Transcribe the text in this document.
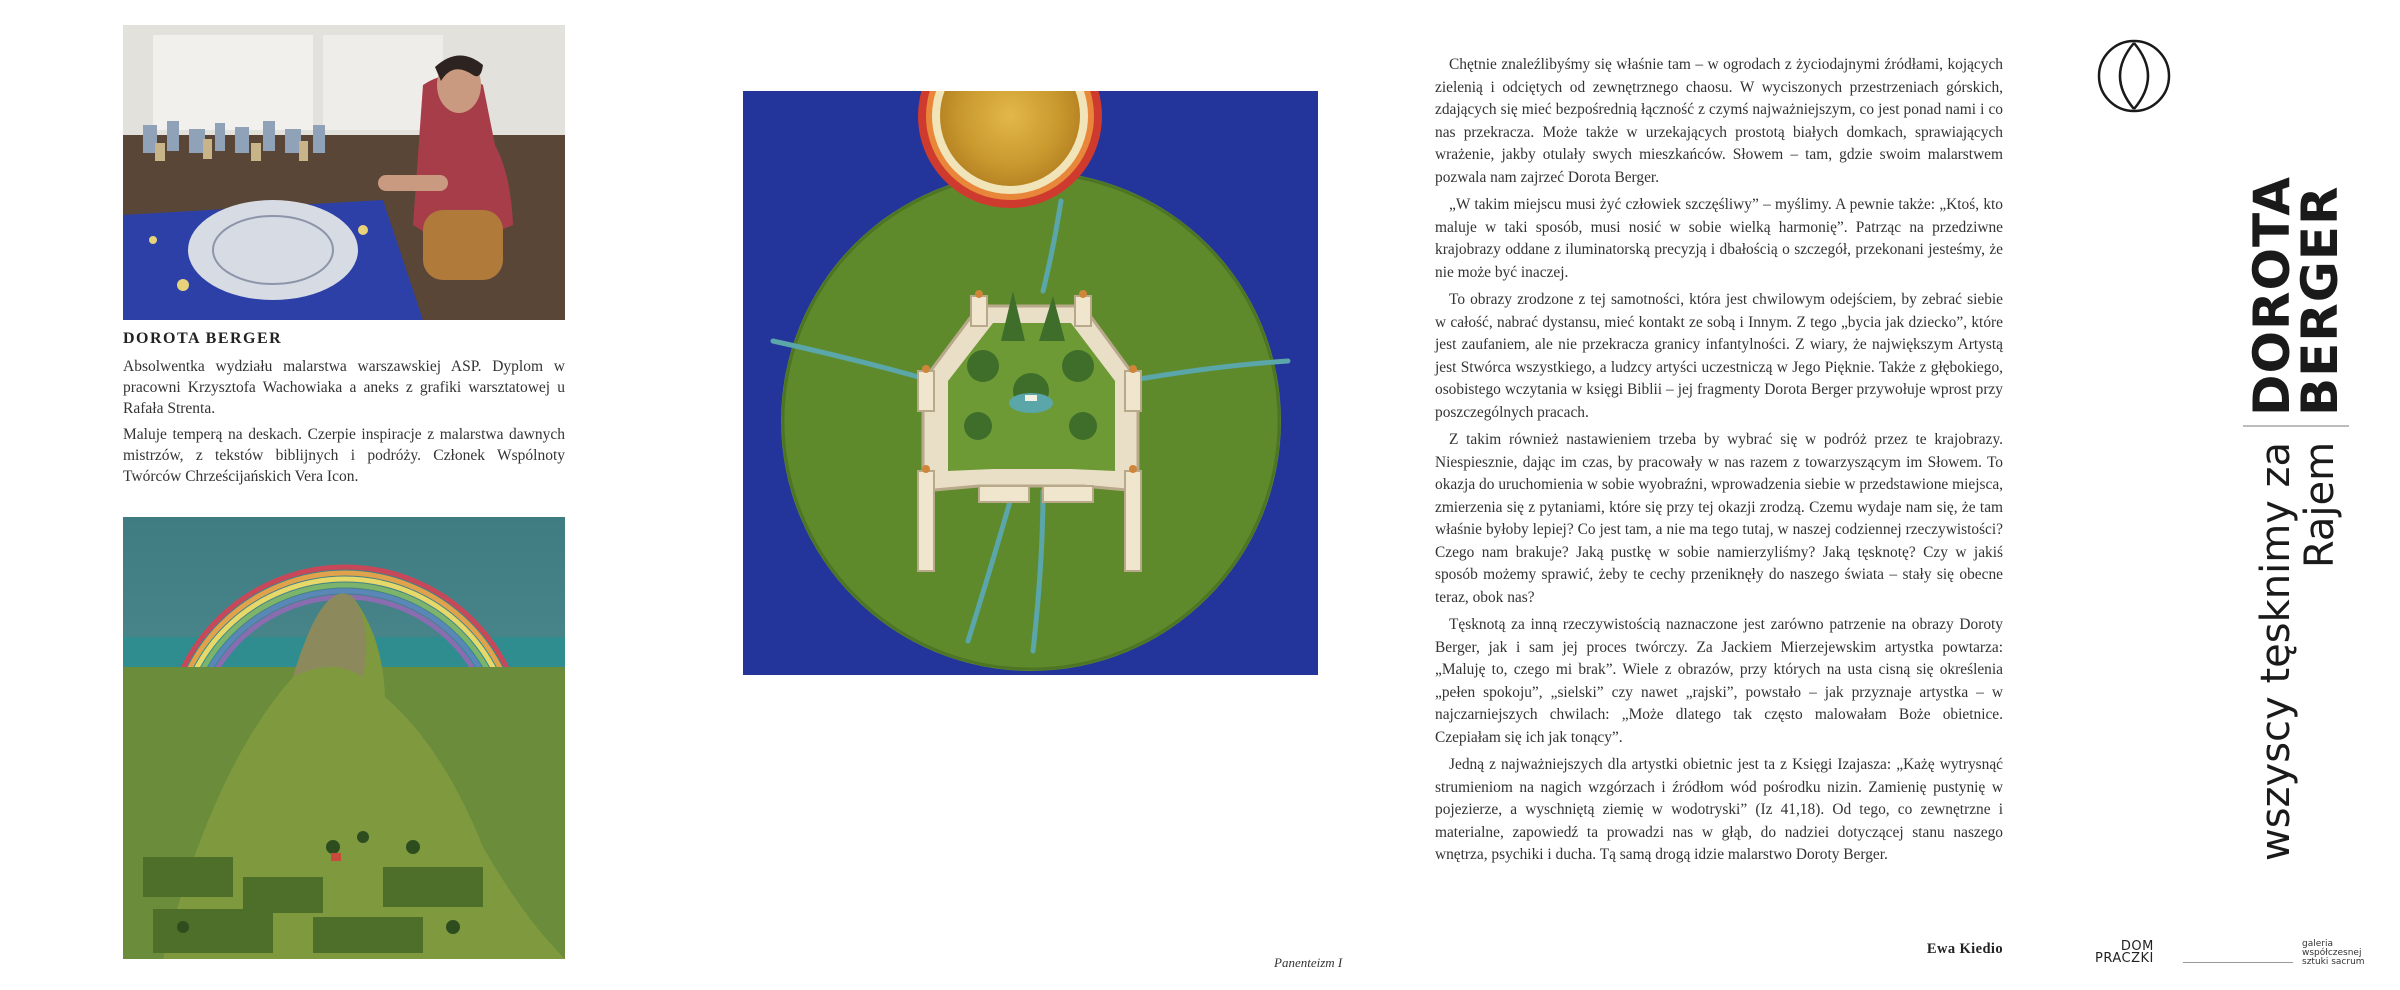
DOROTA BERGER

Absolwentka wydziału malarstwa warszawskiej ASP. Dyplom w pracowni Krzysztofa Wachowiaka a aneks z grafiki warsztatowej u Rafała Strenta.

Maluje temperą na deskach. Czerpie inspiracje z malarstwa dawnych mistrzów, z tekstów biblijnych i podróży. Członek Wspólnoty Twórców Chrześcijańskich Vera Icon.

Panenteizm I

Chętnie znaleźlibyśmy się właśnie tam – w ogrodach z życiodajnymi źródłami, kojących zielenią i odciętych od zewnętrznego chaosu. W wyciszonych przestrzeniach górskich, zdających się mieć bezpośrednią łączność z czymś najważniejszym, co jest ponad nami i co nas przekracza. Może także w urzekających prostotą białych domkach, sprawiających wrażenie, jakby otulały swych mieszkańców. Słowem – tam, gdzie swoim malarstwem pozwala nam zajrzeć Dorota Berger.

„W takim miejscu musi żyć człowiek szczęśliwy” – myślimy. A pewnie także: „Ktoś, kto maluje w taki sposób, musi nosić w sobie wielką harmonię”. Patrząc na przedziwne krajobrazy oddane z iluminatorską precyzją i dbałością o szczegół, przekonani jesteśmy, że nie może być inaczej.

To obrazy zrodzone z tej samotności, która jest chwilowym odejściem, by zebrać siebie w całość, nabrać dystansu, mieć kontakt ze sobą i Innym. Z tego „bycia jak dziecko”, które jest zaufaniem, ale nie przekracza granicy infantylności. Z wiary, że największym Artystą jest Stwórca wszystkiego, a ludzcy artyści uczestniczą w Jego Pięknie. Także z głębokiego, osobistego wczytania w księgi Biblii – jej fragmenty Dorota Berger przywołuje wprost przy poszczególnych pracach.

Z takim również nastawieniem trzeba by wybrać się w podróż przez te krajobrazy. Niespiesznie, dając im czas, by pracowały w nas razem z towarzyszącym im Słowem. To okazja do uruchomienia w sobie wyobraźni, wprowadzenia siebie w przedstawione miejsca, zmierzenia się z pytaniami, które się przy tej okazji zrodzą. Czemu wydaje nam się, że tam właśnie byłoby lepiej? Co jest tam, a nie ma tego tutaj, w naszej codziennej rzeczywistości? Czego nam brakuje? Jaką pustkę w sobie namierzyliśmy? Jaką tęsknotę? Czy w jakiś sposób możemy sprawić, żeby te cechy przeniknęły do naszego świata – stały się obecne teraz, obok nas?

Tęsknotą za inną rzeczywistością naznaczone jest zarówno patrzenie na obrazy Doroty Berger, jak i sam jej proces twórczy. Za Jackiem Mierzejewskim artystka powtarza: „Maluję to, czego mi brak”. Wiele z obrazów, przy których na usta cisną się określenia „pełen spokoju”, „sielski” czy nawet „rajski”, powstało – jak przyznaje artystka – w najczarniejszych chwilach: „Może dlatego tak często malowałam Boże obietnice. Czepiałam się ich jak tonący”.

Jedną z najważniejszych dla artystki obietnic jest ta z Księgi Izajasza: „Każę wytrysnąć strumieniom na nagich wzgórzach i źródłom wód pośrodku nizin. Zamienię pustynię w pojezierze, a wyschniętą ziemię w wodotryski” (Iz 41,18). Od tego, co zewnętrzne i materialne, zapowiedź ta prowadzi nas w głąb, do nadziei dotyczącej stanu naszego wnętrza, psychiki i ducha. Tą samą drogą idzie malarstwo Doroty Berger.

Ewa Kiedio
DOROTA BERGER
wszyscy tęsknimy za Rajem
DOM
PRACZKI
galeria
współczesnej
sztuki sacrum
